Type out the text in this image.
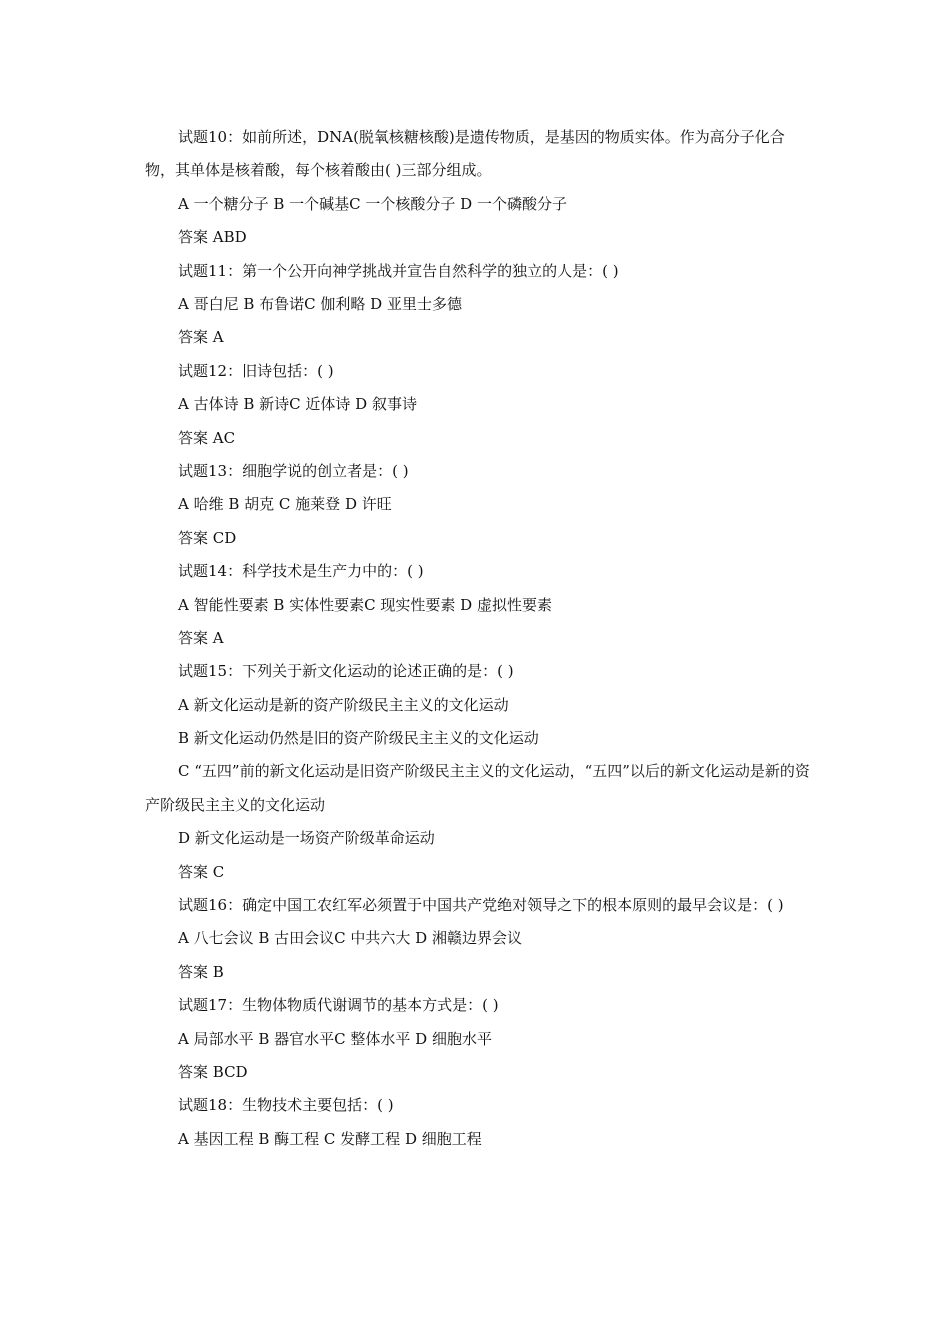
试题10：如前所述，DNA(脱氧核糖核酸)是遗传物质，是基因的物质实体。作为高分子化合物，其单体是核着酸，每个核着酸由( )三部分组成。
A 一个糖分子 B 一个碱基C 一个核酸分子 D 一个磷酸分子
答案 ABD
试题11：第一个公开向神学挑战并宣告自然科学的独立的人是：( )
A 哥白尼 B 布鲁诺C 伽利略 D 亚里士多德
答案 A
试题12：旧诗包括：( )
A 古体诗 B 新诗C 近体诗 D 叙事诗
答案 AC
试题13：细胞学说的创立者是：( )
A 哈维 B 胡克 C 施莱登 D 许旺
答案 CD
试题14：科学技术是生产力中的：( )
A 智能性要素 B 实体性要素C 现实性要素 D 虚拟性要素
答案 A
试题15：下列关于新文化运动的论述正确的是：( )
A 新文化运动是新的资产阶级民主主义的文化运动
B 新文化运动仍然是旧的资产阶级民主主义的文化运动
C “五四”前的新文化运动是旧资产阶级民主主义的文化运动，“五四”以后的新文化运动是新的资产阶级民主主义的文化运动
D 新文化运动是一场资产阶级革命运动
答案 C
试题16：确定中国工农红军必须置于中国共产党绝对领导之下的根本原则的最早会议是：( )
A 八七会议 B 古田会议C 中共六大 D 湘赣边界会议
答案 B
试题17：生物体物质代谢调节的基本方式是：( )
A 局部水平 B 器官水平C 整体水平 D 细胞水平
答案 BCD
试题18：生物技术主要包括：( )
A 基因工程 B 酶工程 C 发酵工程 D 细胞工程
